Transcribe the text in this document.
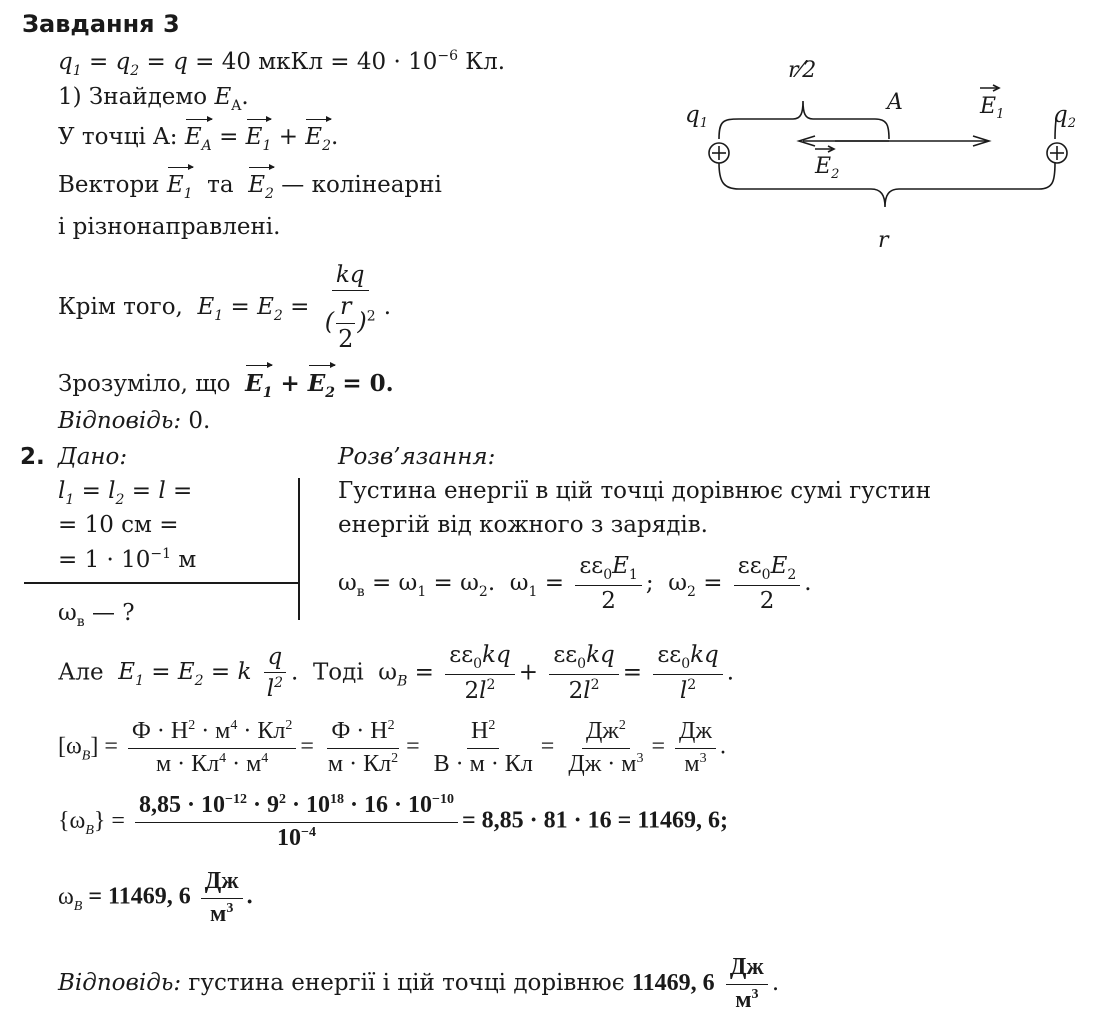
Завдання 3
$q_1 = q_2 = q = 40$ мкКл = $40 \cdot 10^{-6}$ Кл.
1) Знайдемо $E_A$.
У точці A: $E_A = E_1 + E_2$.
Вектори $E_1$ та $E_2$ — колінеарні
і різнонаправлені.
Крім того, $E_1 = E_2 = \frac{kq}{( \frac{r}{2} )^2}$ .
Зрозуміло, що $E_1 + E_2 = 0$.
Відповідь: 0.
$q_1$	$q_2$
r⁄2
A	$E_1$
$E_2$
r
2. Дано:	Розв’язання:
$l_1 = l_2 = l$ =
= 10 см =
= $1 \cdot 10^{-1}$ м
$\omega_в$ — ?
Густина енергії в цій точці дорівнює сумі густин
енергій від кожного з зарядів.
$\omega_в = \omega_1 = \omega_2$.  $\omega_1 = \frac{\varepsilon\varepsilon_0E_1}{2}$ ;  $\omega_2 = \frac{\varepsilon\varepsilon_0E_2}{2}$ .
Але $E_1 = E_2 = k \frac{q}{l^2}$ .  Тоді  $\omega_B = \frac{\varepsilon\varepsilon_0kq}{2l^2} + \frac{\varepsilon\varepsilon_0kq}{2l^2} = \frac{\varepsilon\varepsilon_0kq}{l^2}$ .
$[\omega_B] = \frac{Ф \cdot Н^2 \cdot м^4 \cdot Кл^2}{м \cdot Кл^4 \cdot м^4} = \frac{Ф \cdot Н^2}{м \cdot Кл^2} = \frac{Н^2}{В \cdot м \cdot Кл} = \frac{Дж^2}{Дж \cdot м^3} = \frac{Дж}{м^3}$ .
$\{\omega_B\} = \frac{8,85 \cdot 10^{-12} \cdot 9^2 \cdot 10^{18} \cdot 16 \cdot 10^{-10}}{10^{-4}} = 8,85 \cdot 81 \cdot 16 = 11469$, 6;
$\omega_B = 11469$, $6 \frac{Дж}{м^3}$ .
Відповідь: густина енергії і цій точці дорівнює 11469, $6 \frac{Дж}{м^3}$ .
